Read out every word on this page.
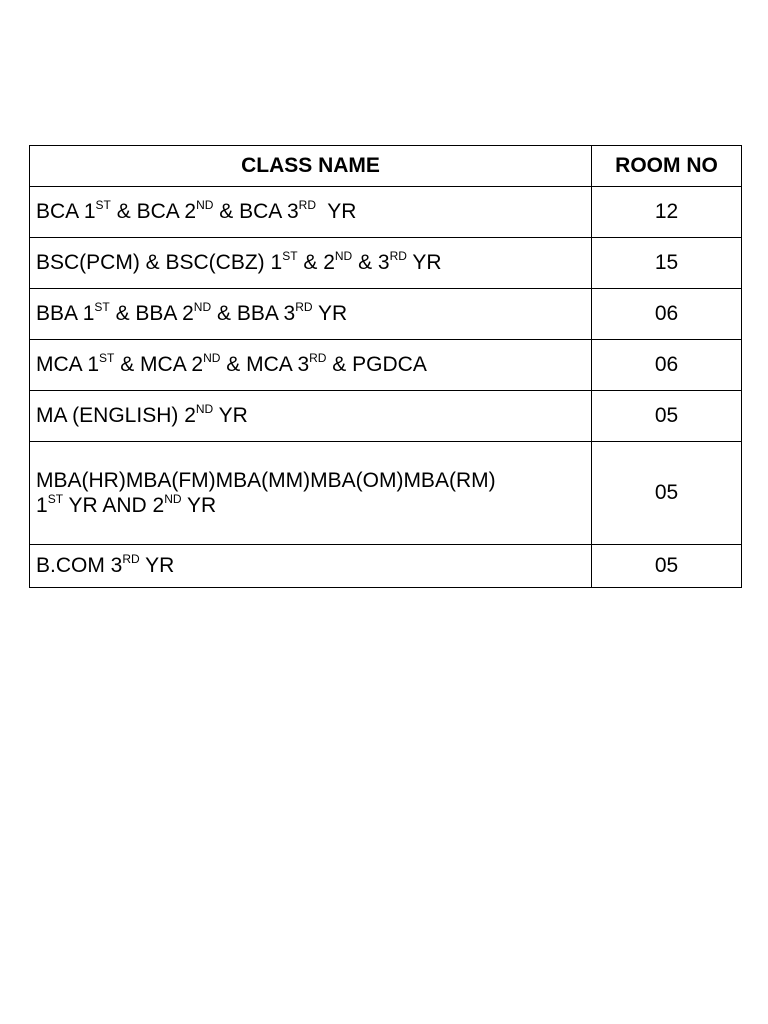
CLASS NAME	ROOM NO
BCA 1ST & BCA 2ND & BCA 3RD  YR	12
BSC(PCM) & BSC(CBZ) 1ST & 2ND & 3RD YR	15
BBA 1ST & BBA 2ND & BBA 3RD YR	06
MCA 1ST & MCA 2ND & MCA 3RD & PGDCA	06
MA (ENGLISH) 2ND YR	05
MBA(HR)MBA(FM)MBA(MM)MBA(OM)MBA(RM)
1ST YR AND 2ND YR	05
B.COM 3RD YR	05
